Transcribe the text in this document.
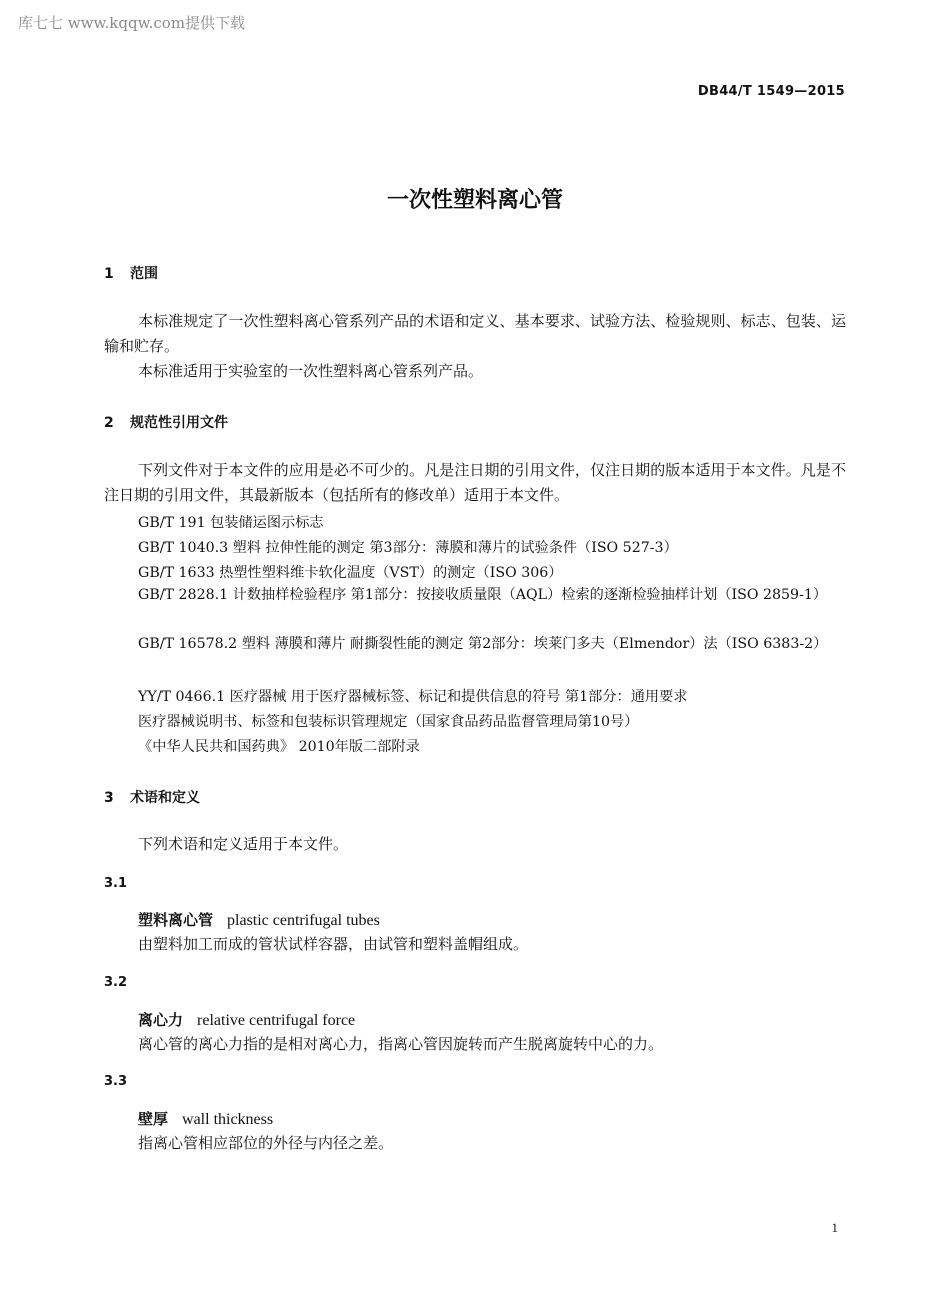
库七七 www.kqqw.com提供下载
DB44/T 1549—2015
一次性塑料离心管
1 范围
本标准规定了一次性塑料离心管系列产品的术语和定义、基本要求、试验方法、检验规则、标志、包装、运输和贮存。
本标准适用于实验室的一次性塑料离心管系列产品。
2 规范性引用文件
下列文件对于本文件的应用是必不可少的。凡是注日期的引用文件，仅注日期的版本适用于本文件。凡是不注日期的引用文件，其最新版本（包括所有的修改单）适用于本文件。
GB/T 191 包装储运图示标志
GB/T 1040.3 塑料 拉伸性能的测定 第3部分：薄膜和薄片的试验条件（ISO 527-3）
GB/T 1633 热塑性塑料维卡软化温度（VST）的测定（ISO 306）
GB/T 2828.1 计数抽样检验程序 第1部分：按接收质量限（AQL）检索的逐渐检验抽样计划（ISO 2859-1）
GB/T 16578.2 塑料 薄膜和薄片 耐撕裂性能的测定 第2部分：埃莱门多夫（Elmendor）法（ISO 6383-2）
YY/T 0466.1 医疗器械 用于医疗器械标签、标记和提供信息的符号 第1部分：通用要求
医疗器械说明书、标签和包装标识管理规定（国家食品药品监督管理局第10号）
《中华人民共和国药典》 2010年版二部附录
3 术语和定义
下列术语和定义适用于本文件。
3.1
塑料离心管 plastic centrifugal tubes
由塑料加工而成的管状试样容器，由试管和塑料盖帽组成。
3.2
离心力 relative centrifugal force
离心管的离心力指的是相对离心力，指离心管因旋转而产生脱离旋转中心的力。
3.3
壁厚 wall thickness
指离心管相应部位的外径与内径之差。
1
